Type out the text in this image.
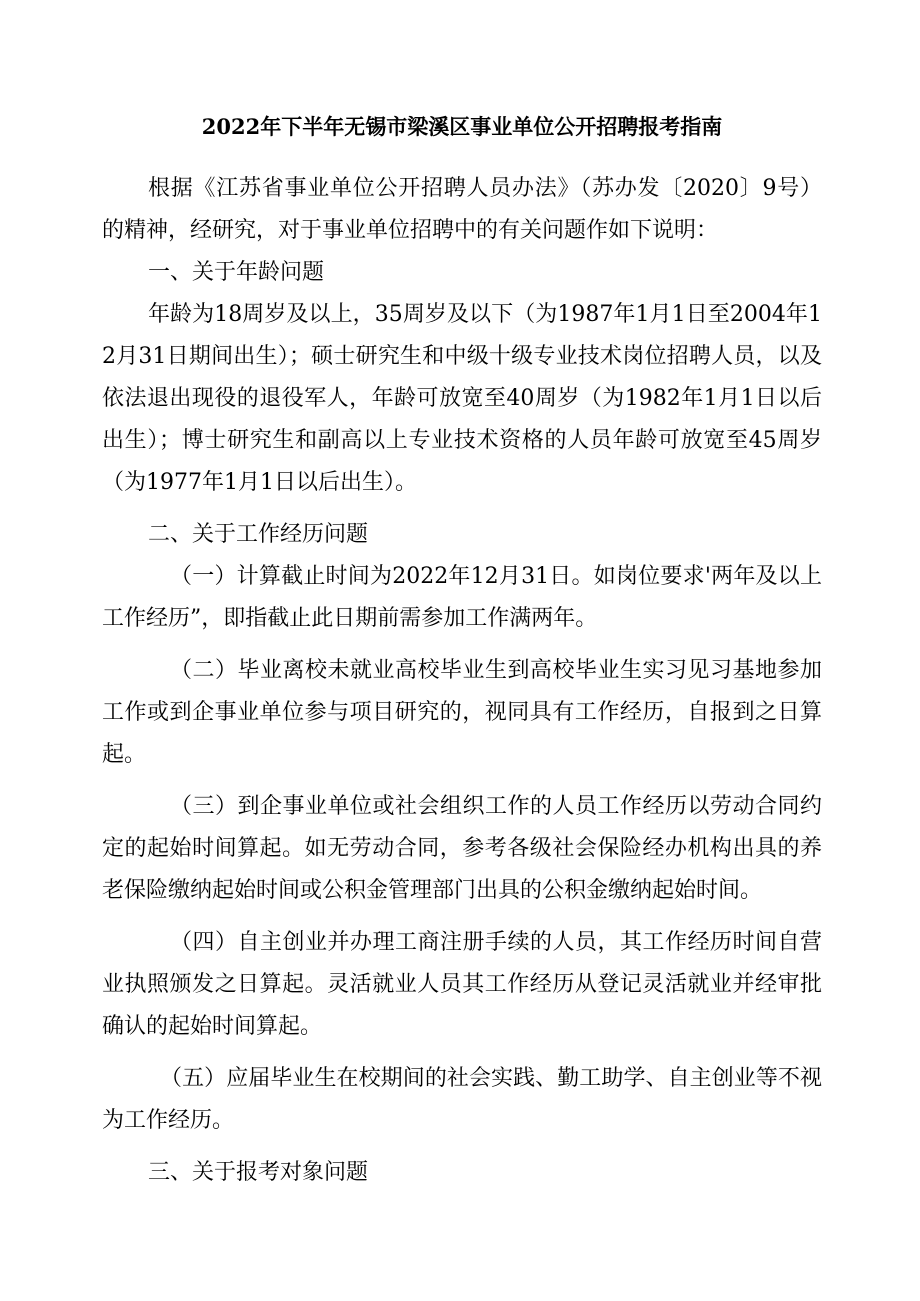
2022年下半年无锡市梁溪区事业单位公开招聘报考指南

根据《江苏省事业单位公开招聘人员办法》（苏办发〔2020〕9号）的精神，经研究，对于事业单位招聘中的有关问题作如下说明：

一、关于年龄问题

年龄为18周岁及以上，35周岁及以下（为1987年1月1日至2004年12月31日期间出生）；硕士研究生和中级十级专业技术岗位招聘人员，以及依法退出现役的退役军人，年龄可放宽至40周岁（为1982年1月1日以后出生）；博士研究生和副高以上专业技术资格的人员年龄可放宽至45周岁（为1977年1月1日以后出生）。

二、关于工作经历问题

（一）计算截止时间为2022年12月31日。如岗位要求'两年及以上工作经历”，即指截止此日期前需参加工作满两年。

（二）毕业离校未就业高校毕业生到高校毕业生实习见习基地参加工作或到企事业单位参与项目研究的，视同具有工作经历，自报到之日算起。

（三）到企事业单位或社会组织工作的人员工作经历以劳动合同约定的起始时间算起。如无劳动合同，参考各级社会保险经办机构出具的养老保险缴纳起始时间或公积金管理部门出具的公积金缴纳起始时间。

（四）自主创业并办理工商注册手续的人员，其工作经历时间自营业执照颁发之日算起。灵活就业人员其工作经历从登记灵活就业并经审批确认的起始时间算起。

（五）应届毕业生在校期间的社会实践、勤工助学、自主创业等不视为工作经历。

三、关于报考对象问题
